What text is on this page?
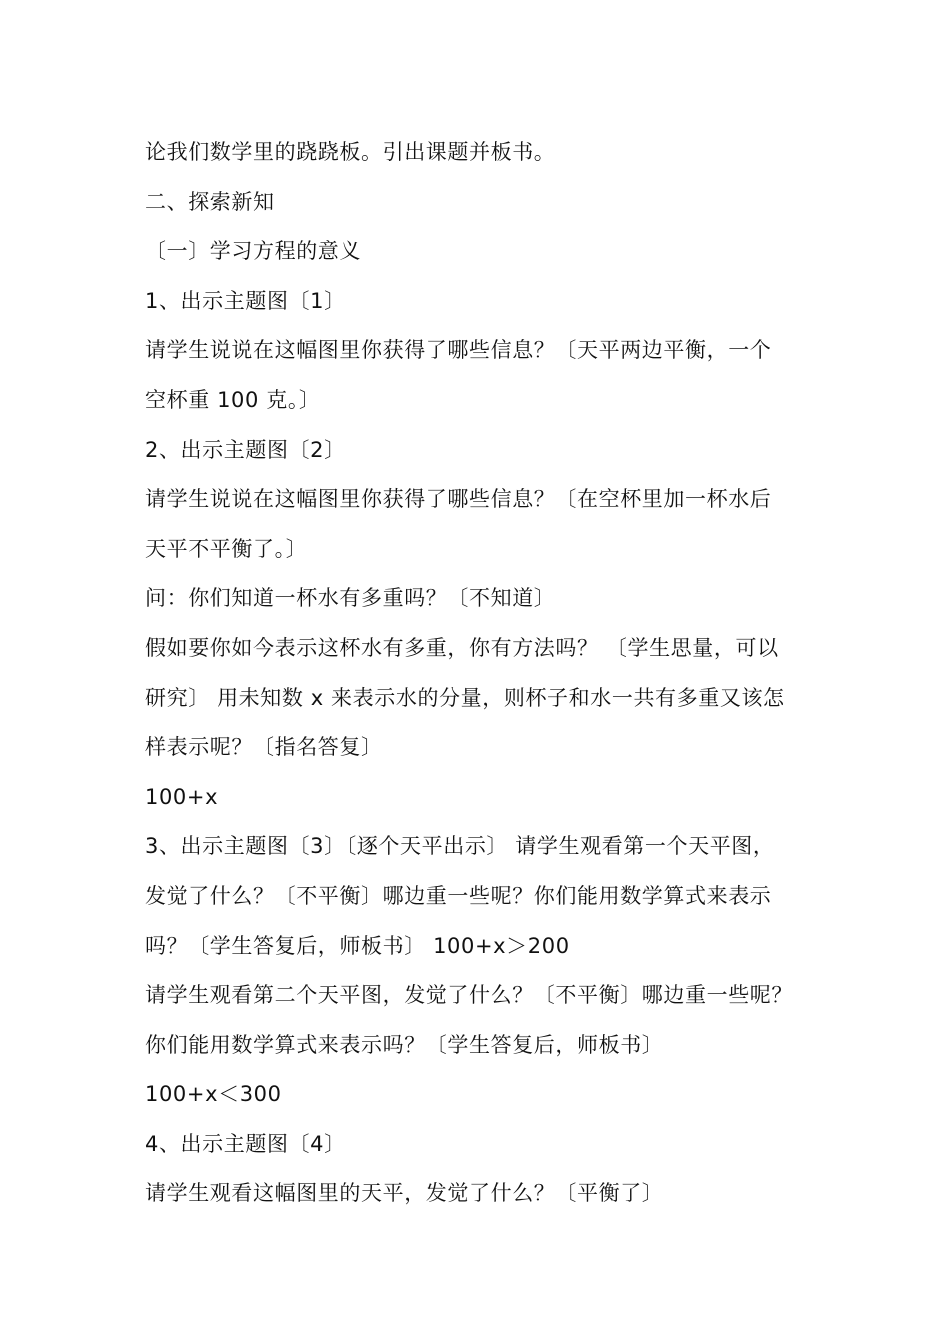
论我们数学里的跷跷板。引出课题并板书。
二、探索新知
〔一〕学习方程的意义
1、出示主题图〔1〕
请学生说说在这幅图里你获得了哪些信息？〔天平两边平衡，一个
空杯重 100 克。〕
2、出示主题图〔2〕
请学生说说在这幅图里你获得了哪些信息？〔在空杯里加一杯水后
天平不平衡了。〕
问：你们知道一杯水有多重吗？〔不知道〕
假如要你如今表示这杯水有多重，你有方法吗？ 〔学生思量，可以
研究〕 用未知数 x 来表示水的分量，则杯子和水一共有多重又该怎
样表示呢？〔指名答复〕
100+x
3、出示主题图〔3〕〔逐个天平出示〕 请学生观看第一个天平图，
发觉了什么？〔不平衡〕哪边重一些呢？你们能用数学算式来表示
吗？〔学生答复后，师板书〕 100+x＞200
请学生观看第二个天平图，发觉了什么？〔不平衡〕哪边重一些呢？
你们能用数学算式来表示吗？〔学生答复后，师板书〕
100+x＜300
4、出示主题图〔4〕
请学生观看这幅图里的天平，发觉了什么？〔平衡了〕
